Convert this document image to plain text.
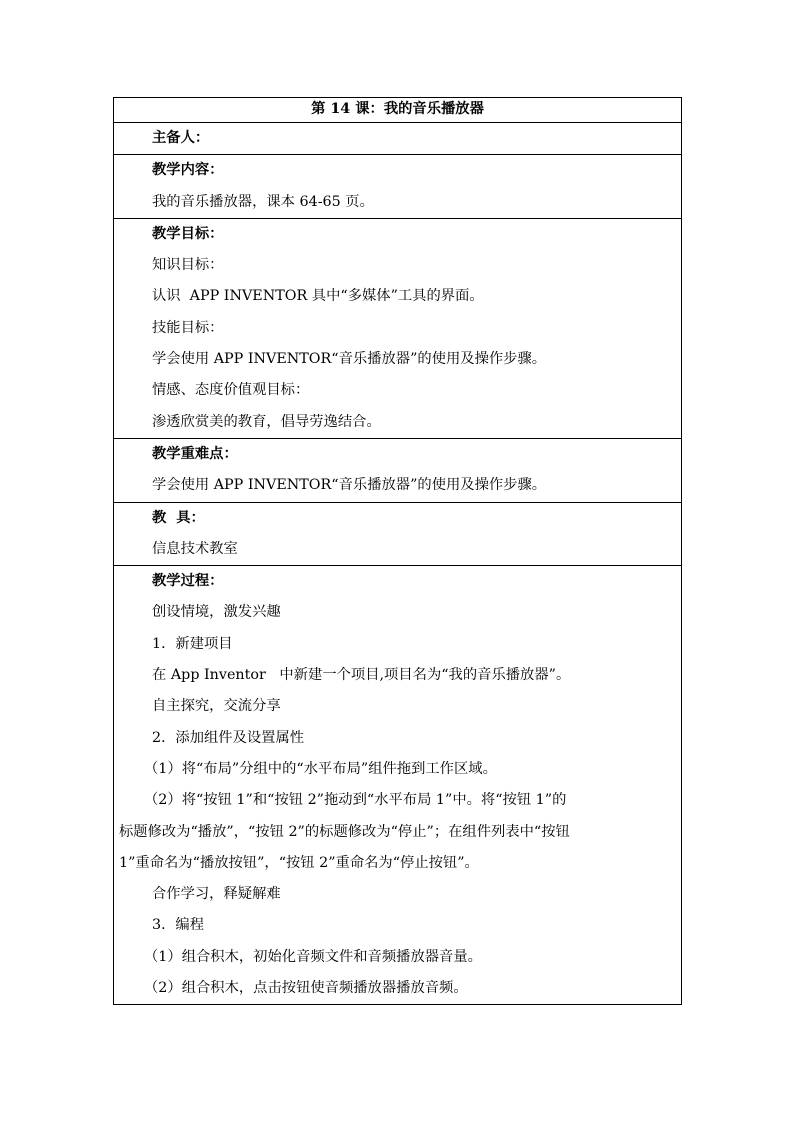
第 14 课：我的音乐播放器
主备人：
教学内容：
我的音乐播放器，课本 64-65 页。
教学目标：
知识目标：
认识  APP INVENTOR 具中“多媒体”工具的界面。
技能目标：
学会使用 APP INVENTOR“音乐播放器”的使用及操作步骤。
情感、态度价值观目标：
渗透欣赏美的教育，倡导劳逸结合。
教学重难点：
学会使用 APP INVENTOR“音乐播放器”的使用及操作步骤。
教  具：
信息技术教室
教学过程：
创设情境，激发兴趣
1．新建项目
在 App Inventor   中新建一个项目,项目名为“我的音乐播放器”。
自主探究，交流分享
2．添加组件及设置属性
（1）将“布局”分组中的“水平布局”组件拖到工作区域。
（2）将“按钮 1”和“按钮 2”拖动到“水平布局 1”中。将“按钮 1”的
标题修改为“播放”，“按钮 2”的标题修改为“停止”；在组件列表中“按钮
1”重命名为“播放按钮”，“按钮 2”重命名为“停止按钮”。
合作学习，释疑解难
3．编程
（1）组合积木，初始化音频文件和音频播放器音量。
（2）组合积木，点击按钮使音频播放器播放音频。
